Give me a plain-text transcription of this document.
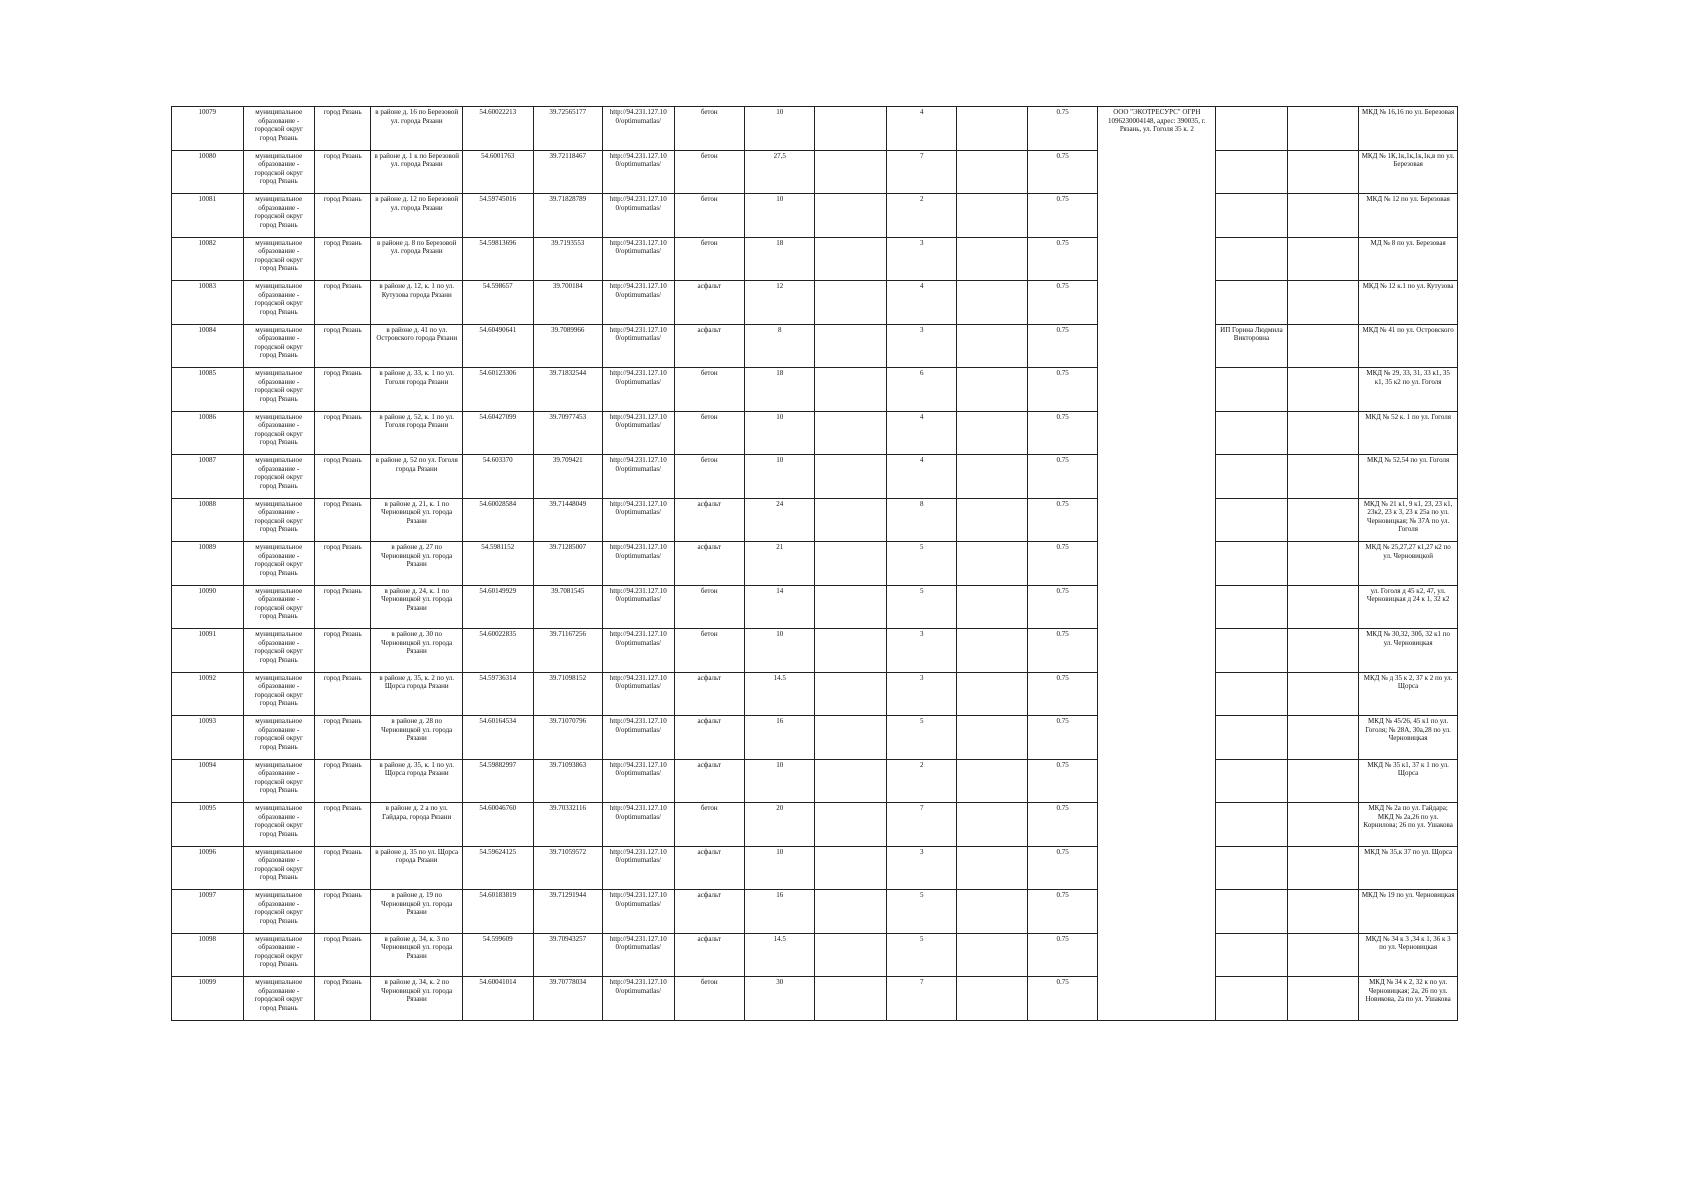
10079	муниципальное образование - городской округ город Рязань	город Рязань	в районе д. 16 по Березовой ул. города Рязани	54.60022213	39.72565177	http://94.231.127.10 0/optimumatlas/	бетон	10		4		0.75	ООО "ЭКОТРЕСУРС" ОГРН 1096230004148, адрес: 390035, г. Рязань, ул. Гоголя 35 к. 2			МКД № 16,16 по ул. Березовая
10080	муниципальное образование - городской округ город Рязань	город Рязань	в районе д. 1 к по Березовой ул. города Рязани	54.6001763	39.72118467	http://94.231.127.10 0/optimumatlas/	бетон	27,5		7		0.75				МКД № 1К,1к,1к,1к,1к,в по ул. Березовая
10081	муниципальное образование - городской округ город Рязань	город Рязань	в районе д. 12 по Березовой ул. города Рязани	54.59745016	39.71828789	http://94.231.127.10 0/optimumatlas/	бетон	10		2		0.75				МКД № 12 по ул. Березовая
10082	муниципальное образование - городской округ город Рязань	город Рязань	в районе д. 8 по Березовой ул. города Рязани	54.59813696	39.7193553	http://94.231.127.10 0/optimumatlas/	бетон	18		3		0.75				МД № 8 по ул. Березовая
10083	муниципальное образование - городской округ город Рязань	город Рязань	в районе д. 12, к. 1 по ул. Кутузова города Рязани	54.598657	39.700184	http://94.231.127.10 0/optimumatlas/	асфальт	12		4		0.75				МКД № 12 к.1 по ул. Кутузова
10084	муниципальное образование - городской округ город Рязань	город Рязань	в районе д. 41 по ул. Островского города Рязани	54.60490641	39.7089966	http://94.231.127.10 0/optimumatlas/	асфальт	8		3		0.75		ИП Горина Людмила Викторовна		МКД № 41 по ул. Островского
10085	муниципальное образование - городской округ город Рязань	город Рязань	в районе д. 33, к. 1 по ул. Гоголя города Рязани	54.60123306	39.71832544	http://94.231.127.10 0/optimumatlas/	бетон	18		6		0.75				МКД № 29, 33, 31, 33 к1, 35 к1, 35 к2 по ул. Гоголя
10086	муниципальное образование - городской округ город Рязань	город Рязань	в районе д. 52, к. 1 по ул. Гоголя города Рязани	54.60427099	39.70977453	http://94.231.127.10 0/optimumatlas/	бетон	10		4		0.75				МКД № 52 к. 1 по ул. Гоголя
10087	муниципальное образование - городской округ город Рязань	город Рязань	в районе д. 52 по ул. Гоголя города Рязани	54.603370	39.709421	http://94.231.127.10 0/optimumatlas/	бетон	10		4		0.75				МКД № 52,54 по ул. Гоголя
10088	муниципальное образование - городской округ город Рязань	город Рязань	в районе д. 21, к. 1 по Черновицкой ул. города Рязани	54.60028584	39.71448049	http://94.231.127.10 0/optimumatlas/	асфальт	24		8		0.75				МКД № 21 к1, 9 к1, 23, 23 к1, 23к2, 23 к 3, 23 к 25а по ул. Черновицкая; № 37А по ул. Гоголя
10089	муниципальное образование - городской округ город Рязань	город Рязань	в районе д. 27 по Черновицкой ул. города Рязани	54.5981152	39.71285007	http://94.231.127.10 0/optimumatlas/	асфальт	21		5		0.75				МКД № 25,27,27 к1,27 к2 по ул. Черновицкой
10090	муниципальное образование - городской округ город Рязань	город Рязань	в районе д. 24, к. 1 по Черновицкой ул. города Рязани	54.60149929	39.7081545	http://94.231.127.10 0/optimumatlas/	бетон	14		5		0.75				ул. Гоголя д 45 к2, 47, ул. Черновицкая д 24 к 1, 32 к2
10091	муниципальное образование - городской округ город Рязань	город Рязань	в районе д. 30 по Черновицкой ул. города Рязани	54.60022835	39.71167256	http://94.231.127.10 0/optimumatlas/	бетон	10		3		0.75				МКД № 30,32, 30б, 32 к1 по ул. Черновицкая
10092	муниципальное образование - городской округ город Рязань	город Рязань	в районе д. 35, к. 2 по ул. Щорса города Рязани	54.59736314	39.71098152	http://94.231.127.10 0/optimumatlas/	асфальт	14.5		3		0.75				МКД № д 35 к 2, 37 к 2 по ул. Щорса
10093	муниципальное образование - городской округ город Рязань	город Рязань	в районе д. 28 по Черновицкой ул. города Рязани	54.60164534	39.71070796	http://94.231.127.10 0/optimumatlas/	асфальт	16		5		0.75				МКД № 45/26, 45 к1 по ул. Гоголя; № 28А, 30а,28 по ул. Черновицкая
10094	муниципальное образование - городской округ город Рязань	город Рязань	в районе д. 35, к. 1 по ул. Щорса города Рязани	54.59882997	39.71093863	http://94.231.127.10 0/optimumatlas/	асфальт	10		2		0.75				МКД № 35 к1, 37 к 1 по ул. Щорса
10095	муниципальное образование - городской округ город Рязань	город Рязань	в районе д. 2 а по ул. Гайдара, города Рязани	54.60046760	39.70332116	http://94.231.127.10 0/optimumatlas/	бетон	20		7		0.75				МКД № 2а по ул. Гайдара; МКД № 2а,26 по ул. Корнилова; 26 по ул. Ушакова
10096	муниципальное образование - городской округ город Рязань	город Рязань	в районе д. 35 по ул. Щорса города Рязани	54.59624125	39.71059572	http://94.231.127.10 0/optimumatlas/	асфальт	10		3		0.75				МКД № 35,к 37 по ул. Щорса
10097	муниципальное образование - городской округ город Рязань	город Рязань	в районе д. 19 по Черновицкой ул. города Рязани	54.60183819	39.71291944	http://94.231.127.10 0/optimumatlas/	асфальт	16		5		0.75				МКД № 19 по ул. Черновицкая
10098	муниципальное образование - городской округ город Рязань	город Рязань	в районе д. 34, к. 3 по Черновицкой ул. города Рязани	54.599609	39.70943257	http://94.231.127.10 0/optimumatlas/	асфальт	14.5		5		0.75				МКД № 34 к 3 ,34 к 1, 36 к 3 по ул. Черновицкая
10099	муниципальное образование - городской округ город Рязань	город Рязань	в районе д. 34, к. 2 по Черновицкой ул. города Рязани	54.60041014	39.70778034	http://94.231.127.10 0/optimumatlas/	бетон	30		7		0.75				МКД № 34 к 2, 32 к по ул. Черновицкая; 2а, 26 по ул. Новикова, 2а по ул. Ушакова
